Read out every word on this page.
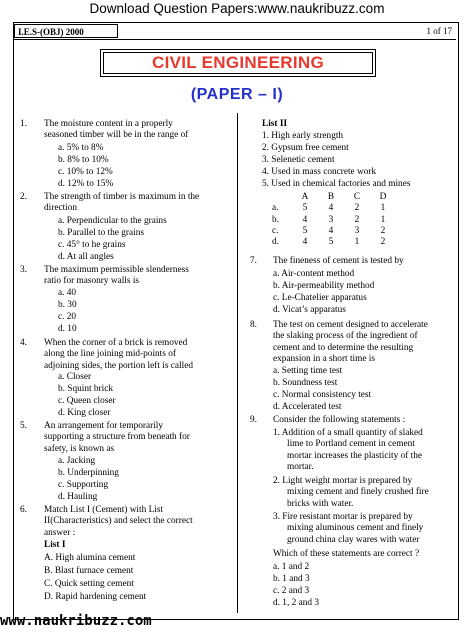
Download Question Papers:www.naukribuzz.com
I.E.S-(OBJ) 2000	1 of 17
CIVIL ENGINEERING
(PAPER – I)
1. The moisture content in a properly
seasoned timber will be in the range of
a. 5% to 8%
b. 8% to 10%
c. 10% to 12%
d. 12% to 15%
2. The strength of timber is maximum in the
direction
a. Perpendicular to the grains
b. Parallel to the grains
c. 45° to he grains
d. At all angles
3. The maximum permissible slenderness
ratio for masonry walls is
a. 40
b. 30
c. 20
d. 10
4. When the corner of a brick is removed
along the line joining mid-points of
adjoining sides, the portion left is called
a. Closer
b. Squint brick
c. Queen closer
d. King closer
5. An arrangement for temporarily
supporting a structure from beneath for
safety, is known as
a. Jacking
b. Underpinning
c. Supporting
d. Hauling
6. Match List I (Cement) with List
II(Characteristics) and select the correct
answer :
List I
A. High alumina cement
B. Blast furnace cement
C. Quick setting cement
D. Rapid hardening cement
List II
1. High early strength
2. Gypsum free cement
3. Selenetic cement
4. Used in mass concrete work
5. Used in chemical factories and mines
	A	B	C	D
a.	5	4	2	1
b.	4	3	2	1
c.	5	4	3	2
d.	4	5	1	2
7. The fineness of cement is tested by
a. Air-content method
b. Air-permeability method
c. Le-Chatelier apparatus
d. Vicat’s apparatus
8. The test on cement designed to accelerate
the slaking process of the ingredient of
cement and to determine the resulting
expansion in a short time is
a. Setting time test
b. Soundness test
c. Normal consistency test
d. Accelerated test
9. Consider the following statements :
1. Addition of a small quantity of slaked
lime to Portland cement in cement
mortar increases the plasticity of the
mortar.
2. Light weight mortar is prepared by
mixing cement and finely crushed fire
bricks with water.
3. Fire resistant mortar is prepared by
mixing aluminous cement and finely
ground china clay wares with water
Which of these statements are correct ?
a. 1 and 2
b. 1 and 3
c. 2 and 3
d. 1, 2 and 3
www.naukribuzz.com
